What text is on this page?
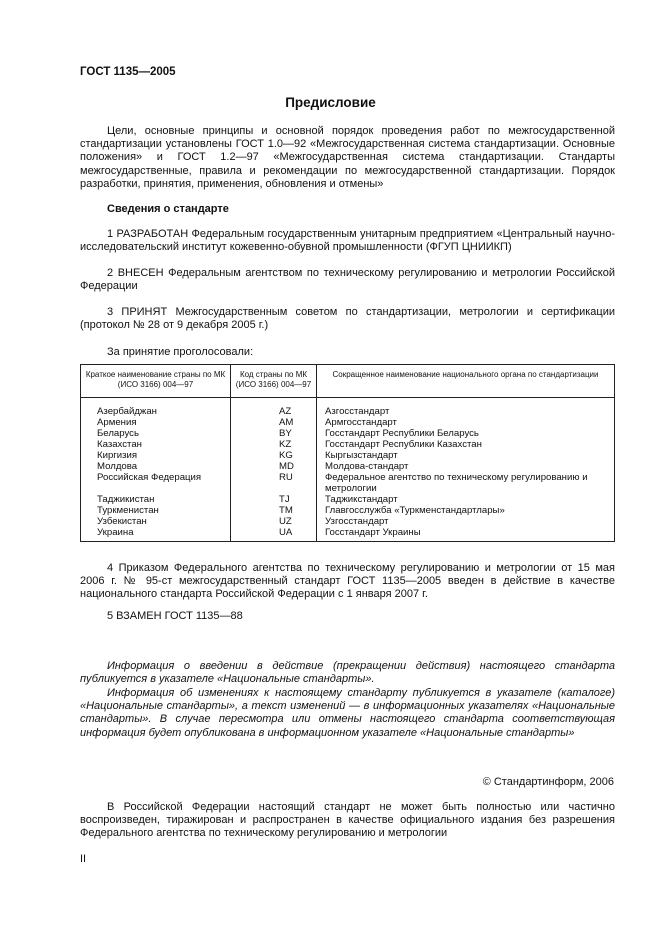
ГОСТ 1135—2005
Предисловие
Цели, основные принципы и основной порядок проведения работ по межгосударственной стандартизации установлены ГОСТ 1.0—92 «Межгосударственная система стандартизации. Основные положения» и ГОСТ 1.2—97 «Межгосударственная система стандартизации. Стандарты межгосударственные, правила и рекомендации по межгосударственной стандартизации. Порядок разработки, принятия, применения, обновления и отмены»
Сведения о стандарте
1 РАЗРАБОТАН Федеральным государственным унитарным предприятием «Центральный научно-исследовательский институт кожевенно-обувной промышленности (ФГУП ЦНИИКП)
2 ВНЕСЕН Федеральным агентством по техническому регулированию и метрологии Российской Федерации
3 ПРИНЯТ Межгосударственным советом по стандартизации, метрологии и сертификации (протокол № 28 от 9 декабря 2005 г.)
За принятие проголосовали:
Краткое наименование страны по МК (ИСО 3166) 004—97	Код страны по МК (ИСО 3166) 004—97	Сокращенное наименование национального органа по стандартизации
Азербайджан	AZ	Азгосстандарт
Армения	AM	Армгосстандарт
Беларусь	BY	Госстандарт Республики Беларусь
Казахстан	KZ	Госстандарт Республики Казахстан
Киргизия	KG	Кыргызстандарт
Молдова	MD	Молдова-стандарт
Российская Федерация	RU	Федеральное агентство по техническому регулированию и метрологии
Таджикистан	TJ	Таджикстандарт
Туркменистан	TM	Главгосслужба «Туркменстандартлары»
Узбекистан	UZ	Узгосстандарт
Украина	UA	Госстандарт Украины
4 Приказом Федерального агентства по техническому регулированию и метрологии от 15 мая 2006 г. № 95-ст межгосударственный стандарт ГОСТ 1135—2005 введен в действие в качестве национального стандарта Российской Федерации с 1 января 2007 г.
5 ВЗАМЕН ГОСТ 1135—88
Информация о введении в действие (прекращении действия) настоящего стандарта публикуется в указателе «Национальные стандарты».
Информация об изменениях к настоящему стандарту публикуется в указателе (каталоге) «Национальные стандарты», а текст изменений — в информационных указателях «Национальные стандарты». В случае пересмотра или отмены настоящего стандарта соответствующая информация будет опубликована в информационном указателе «Национальные стандарты»
© Стандартинформ, 2006
В Российской Федерации настоящий стандарт не может быть полностью или частично воспроизведен, тиражирован и распространен в качестве официального издания без разрешения Федерального агентства по техническому регулированию и метрологии
II
